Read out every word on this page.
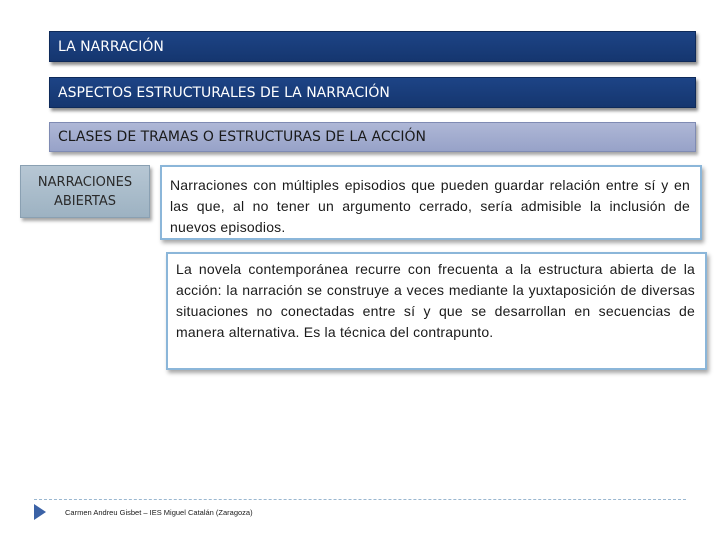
LA NARRACIÓN
ASPECTOS ESTRUCTURALES DE LA NARRACIÓN
CLASES DE TRAMAS O ESTRUCTURAS DE LA ACCIÓN
NARRACIONES
ABIERTAS
Narraciones con múltiples episodios que pueden guardar relación entre sí y en las que, al no tener un argumento cerrado, sería admisible la inclusión de nuevos episodios.
La novela contemporánea recurre con frecuenta a la estructura abierta de la acción: la narración se construye a veces mediante la yuxtaposición de diversas situaciones no conectadas entre sí y que se desarrollan en secuencias de manera alternativa. Es la técnica del contrapunto.
Carmen Andreu Gisbet – IES Miguel Catalán (Zaragoza)
